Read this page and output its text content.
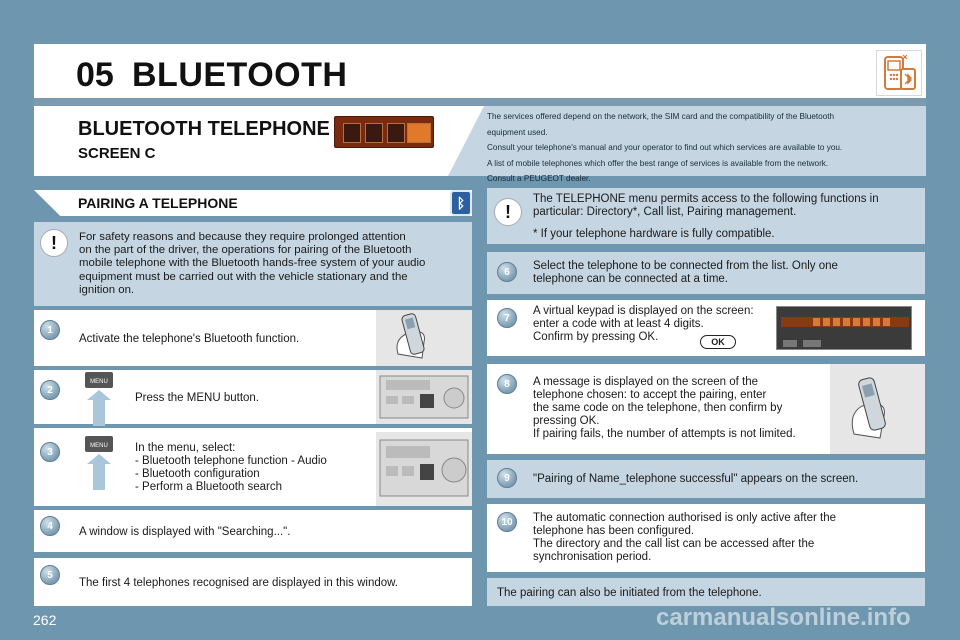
05 BLUETOOTH
BLUETOOTH TELEPHONE
SCREEN C
The services offered depend on the network, the SIM card and the compatibility of the Bluetooth
equipment used.
Consult your telephone's manual and your operator to find out which services are available to you.
A list of mobile telephones which offer the best range of services is available from the network.
Consult a PEUGEOT dealer.
PAIRING A TELEPHONE	ᛒ
!	For safety reasons and because they require prolonged attention
on the part of the driver, the operations for pairing of the Bluetooth
mobile telephone with the Bluetooth hands-free system of your audio
equipment must be carried out with the vehicle stationary and the
ignition on.
1
Activate the telephone's Bluetooth function.
2
MENU
Press the MENU button.
3
MENU In the menu, select:
- Bluetooth telephone function - Audio
- Bluetooth configuration
- Perform a Bluetooth search
4	A window is displayed with "Searching...".
5
The first 4 telephones recognised are displayed in this window.
!
The TELEPHONE menu permits access to the following functions in
particular: Directory*, Call list, Pairing management.
* If your telephone hardware is fully compatible.
6
Select the telephone to be connected from the list. Only one
telephone can be connected at a time.
7
A virtual keypad is displayed on the screen:
enter a code with at least 4 digits.
Confirm by pressing OK.	OK
8	A message is displayed on the screen of the
telephone chosen: to accept the pairing, enter
the same code on the telephone, then confirm by
pressing OK.
If pairing fails, the number of attempts is not limited.
9	"Pairing of Name_telephone successful" appears on the screen.
10	The automatic connection authorised is only active after the
telephone has been configured.
The directory and the call list can be accessed after the
synchronisation period.
The pairing can also be initiated from the telephone.
262	carmanualsonline.info
